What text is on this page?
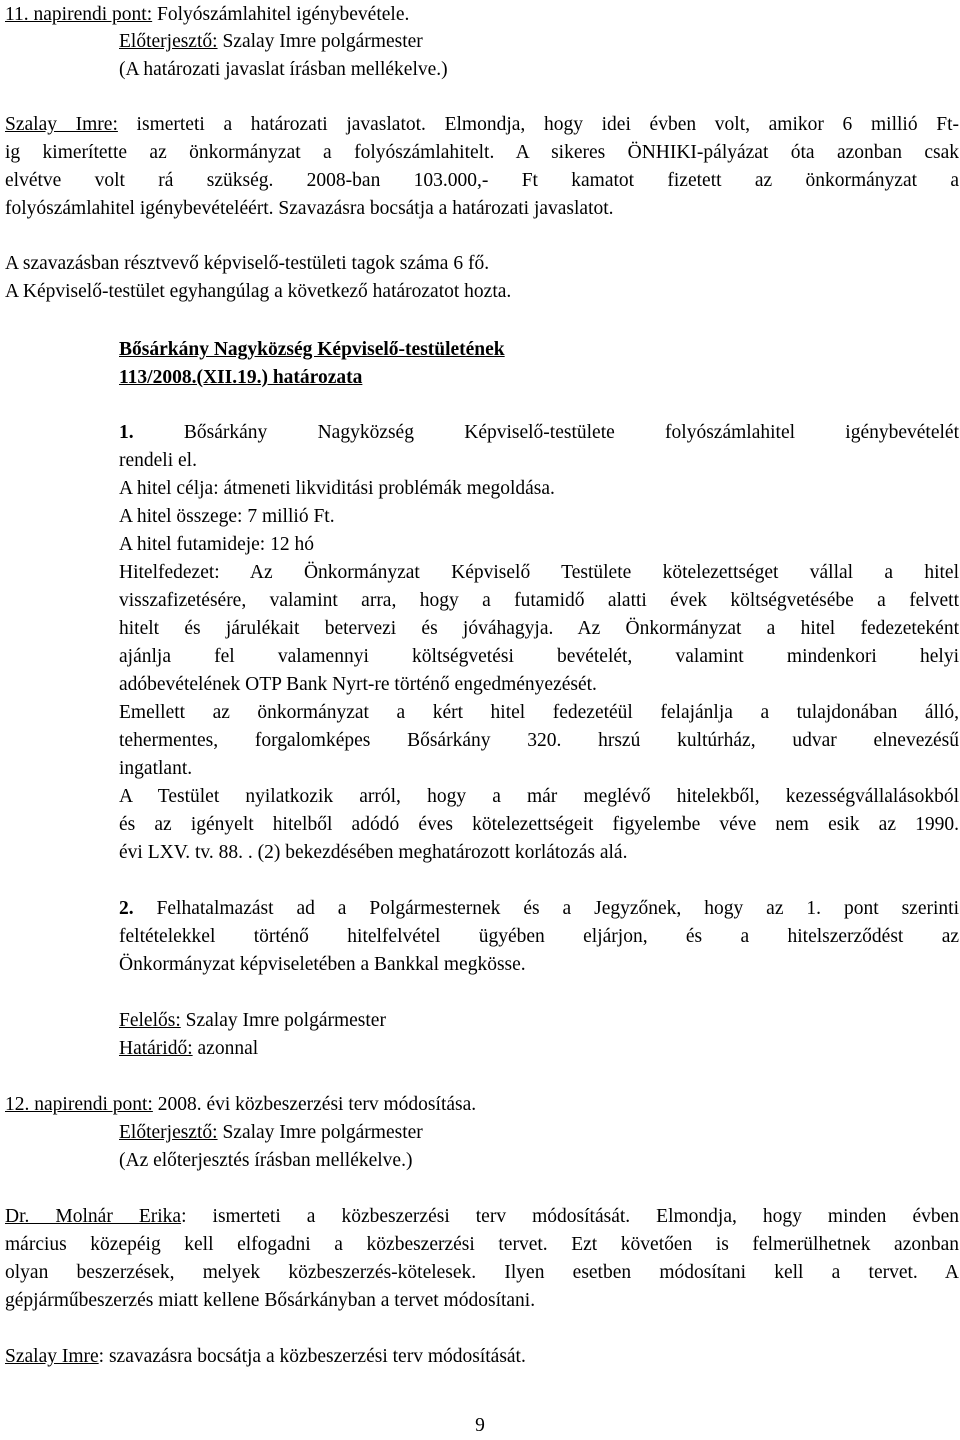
11. napirendi pont: Folyószámlahitel igénybevétele.
Előterjesztő: Szalay Imre polgármester
(A határozati javaslat írásban mellékelve.)
Szalay Imre: ismerteti a határozati javaslatot. Elmondja, hogy idei évben volt, amikor 6 millió Ft-
ig kimerítette az önkormányzat a folyószámlahitelt. A sikeres ÖNHIKI-pályázat óta azonban csak
elvétve volt rá szükség. 2008-ban 103.000,- Ft kamatot fizetett az önkormányzat a
folyószámlahitel igénybevételéért. Szavazásra bocsátja a határozati javaslatot.
A szavazásban résztvevő képviselő-testületi tagok száma 6 fő.
A Képviselő-testület egyhangúlag a következő határozatot hozta.
Bősárkány Nagyközség Képviselő-testületének
113/2008.(XII.19.) határozata
1. Bősárkány Nagyközség Képviselő-testülete folyószámlahitel igénybevételét
rendeli el.
A hitel célja: átmeneti likviditási problémák megoldása.
A hitel összege: 7 millió Ft.
A hitel futamideje: 12 hó
Hitelfedezet: Az Önkormányzat Képviselő Testülete kötelezettséget vállal a hitel
visszafizetésére, valamint arra, hogy a futamidő alatti évek költségvetésébe a felvett
hitelt és járulékait betervezi és jóváhagyja. Az Önkormányzat a hitel fedezeteként
ajánlja fel valamennyi költségvetési bevételét, valamint mindenkori helyi
adóbevételének OTP Bank Nyrt-re történő engedményezését.
Emellett az önkormányzat a kért hitel fedezetéül felajánlja a tulajdonában álló,
tehermentes, forgalomképes Bősárkány 320. hrszú kultúrház, udvar elnevezésű
ingatlant.
A Testület nyilatkozik arról, hogy a már meglévő hitelekből, kezességvállalásokból
és az igényelt hitelből adódó éves kötelezettségeit figyelembe véve nem esik az 1990.
évi LXV. tv. 88. . (2) bekezdésében meghatározott korlátozás alá.
2. Felhatalmazást ad a Polgármesternek és a Jegyzőnek, hogy az 1. pont szerinti
feltételekkel történő hitelfelvétel ügyében eljárjon, és a hitelszerződést az
Önkormányzat képviseletében a Bankkal megkösse.
Felelős: Szalay Imre polgármester
Határidő: azonnal
12. napirendi pont: 2008. évi közbeszerzési terv módosítása.
Előterjesztő: Szalay Imre polgármester
(Az előterjesztés írásban mellékelve.)
Dr. Molnár Erika: ismerteti a közbeszerzési terv módosítását. Elmondja, hogy minden évben
március közepéig kell elfogadni a közbeszerzési tervet. Ezt követően is felmerülhetnek azonban
olyan beszerzések, melyek közbeszerzés-kötelesek. Ilyen esetben módosítani kell a tervet. A
gépjárműbeszerzés miatt kellene Bősárkányban a tervet módosítani.
Szalay Imre: szavazásra bocsátja a közbeszerzési terv módosítását.
9
